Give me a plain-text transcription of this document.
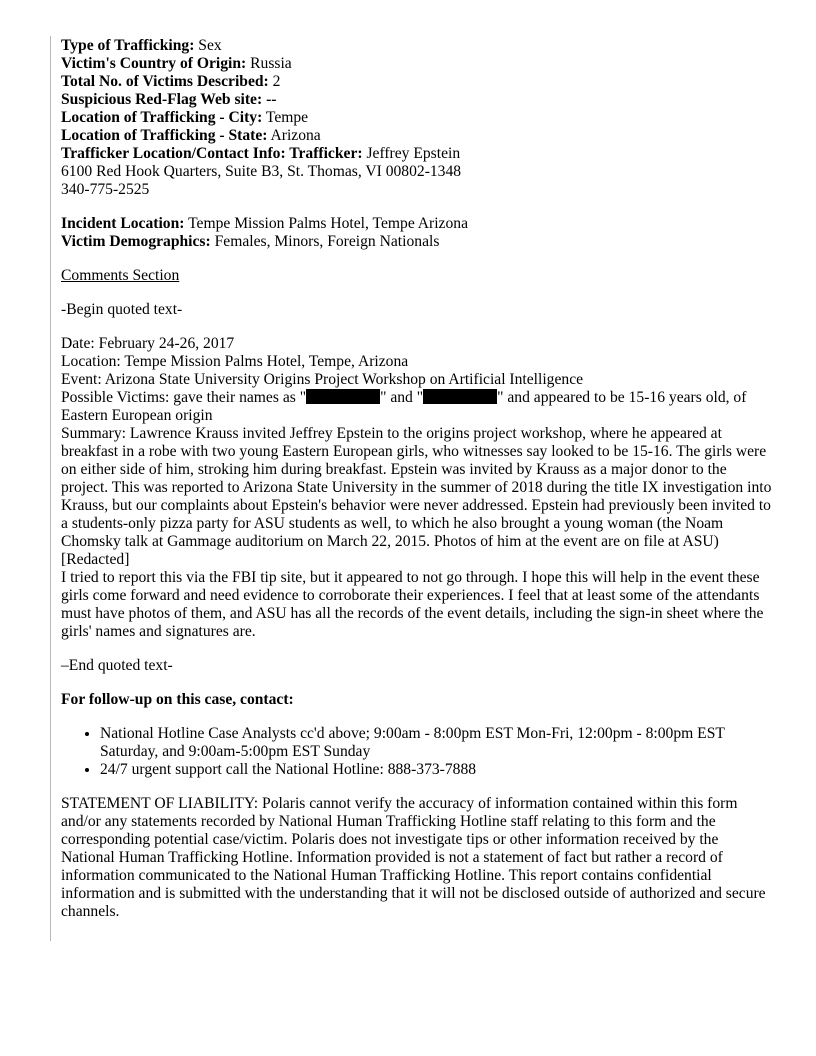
Type of Trafficking: Sex
Victim's Country of Origin: Russia
Total No. of Victims Described: 2
Suspicious Red-Flag Web site: --
Location of Trafficking - City: Tempe
Location of Trafficking - State: Arizona
Trafficker Location/Contact Info: Trafficker: Jeffrey Epstein
6100 Red Hook Quarters, Suite B3, St. Thomas, VI 00802-1348
340-775-2525
Incident Location: Tempe Mission Palms Hotel, Tempe Arizona
Victim Demographics: Females, Minors, Foreign Nationals
Comments Section
-Begin quoted text-
Date: February 24-26, 2017
Location: Tempe Mission Palms Hotel, Tempe, Arizona
Event: Arizona State University Origins Project Workshop on Artificial Intelligence

Possible Victims: gave their names as "	" and "	" and appeared to be 15-16 years old, of Eastern European origin

Summary: Lawrence Krauss invited Jeffrey Epstein to the origins project workshop, where he appeared at breakfast in a robe with two young Eastern European girls, who witnesses say looked to be 15-16. The girls were on either side of him, stroking him during breakfast. Epstein was invited by Krauss as a major donor to the project. This was reported to Arizona State University in the summer of 2018 during the title IX investigation into Krauss, but our complaints about Epstein's behavior were never addressed. Epstein had previously been invited to a students-only pizza party for ASU students as well, to which he also brought a young woman (the Noam Chomsky talk at Gammage auditorium on March 22, 2015. Photos of him at the event are on file at ASU)

[Redacted]

I tried to report this via the FBI tip site, but it appeared to not go through. I hope this will help in the event these girls come forward and need evidence to corroborate their experiences. I feel that at least some of the attendants must have photos of them, and ASU has all the records of the event details, including the sign-in sheet where the girls' names and signatures are.

–End quoted text-
For follow-up on this case, contact:
• National Hotline Case Analysts cc'd above; 9:00am - 8:00pm EST Mon-Fri, 12:00pm - 8:00pm EST Saturday, and 9:00am-5:00pm EST Sunday
• 24/7 urgent support call the National Hotline: 888-373-7888

STATEMENT OF LIABILITY: Polaris cannot verify the accuracy of information contained within this form and/or any statements recorded by National Human Trafficking Hotline staff relating to this form and the corresponding potential case/victim. Polaris does not investigate tips or other information received by the National Human Trafficking Hotline. Information provided is not a statement of fact but rather a record of information communicated to the National Human Trafficking Hotline. This report contains confidential information and is submitted with the understanding that it will not be disclosed outside of authorized and secure channels.
